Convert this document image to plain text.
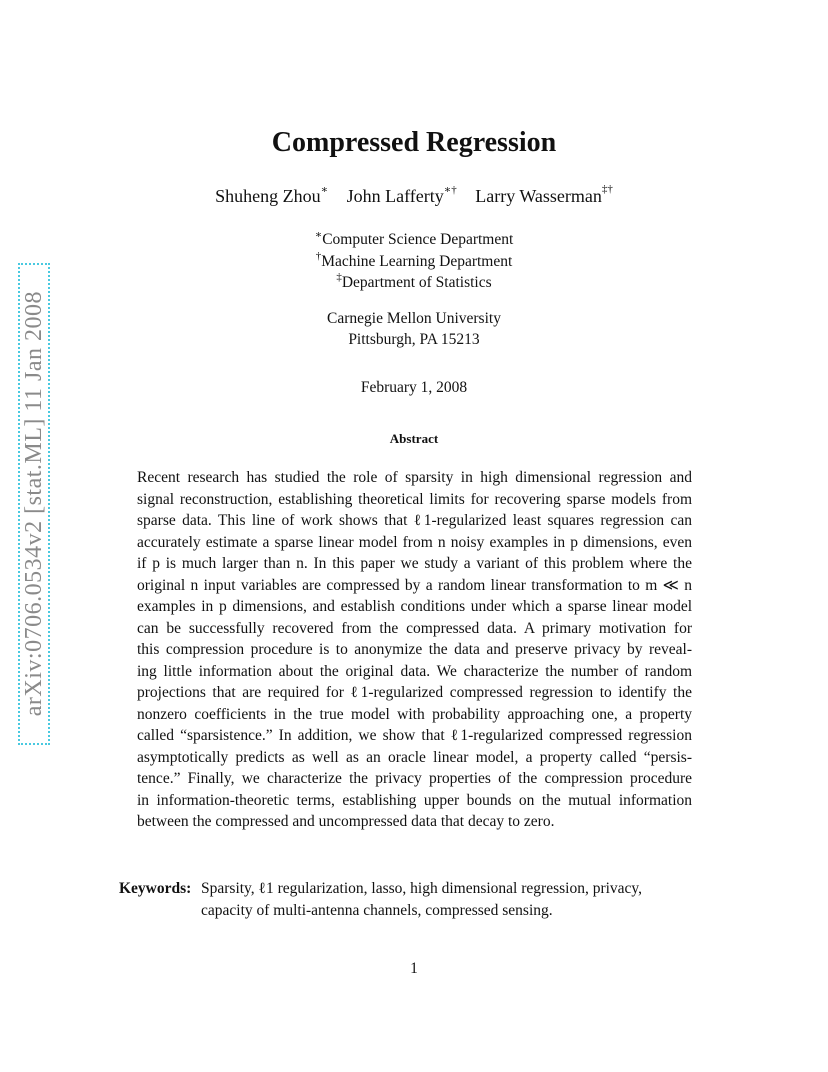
arXiv:0706.0534v2 [stat.ML] 11 Jan 2008
Compressed Regression
Shuheng Zhou∗ John Lafferty∗† Larry Wasserman‡†
∗Computer Science Department
†Machine Learning Department
‡Department of Statistics
Carnegie Mellon University
Pittsburgh, PA 15213
February 1, 2008
Abstract
Recent research has studied the role of sparsity in high dimensional regression and
signal reconstruction, establishing theoretical limits for recovering sparse models from
sparse data. This line of work shows that ℓ1-regularized least squares regression can
accurately estimate a sparse linear model from n noisy examples in p dimensions, even
if p is much larger than n. In this paper we study a variant of this problem where the
original n input variables are compressed by a random linear transformation to m ≪ n
examples in p dimensions, and establish conditions under which a sparse linear model
can be successfully recovered from the compressed data. A primary motivation for
this compression procedure is to anonymize the data and preserve privacy by reveal-
ing little information about the original data. We characterize the number of random
projections that are required for ℓ1-regularized compressed regression to identify the
nonzero coefficients in the true model with probability approaching one, a property
called “sparsistence.” In addition, we show that ℓ1-regularized compressed regression
asymptotically predicts as well as an oracle linear model, a property called “persis-
tence.” Finally, we characterize the privacy properties of the compression procedure
in information-theoretic terms, establishing upper bounds on the mutual information
between the compressed and uncompressed data that decay to zero.
Keywords: Sparsity, ℓ1 regularization, lasso, high dimensional regression, privacy,
capacity of multi-antenna channels, compressed sensing.
1
